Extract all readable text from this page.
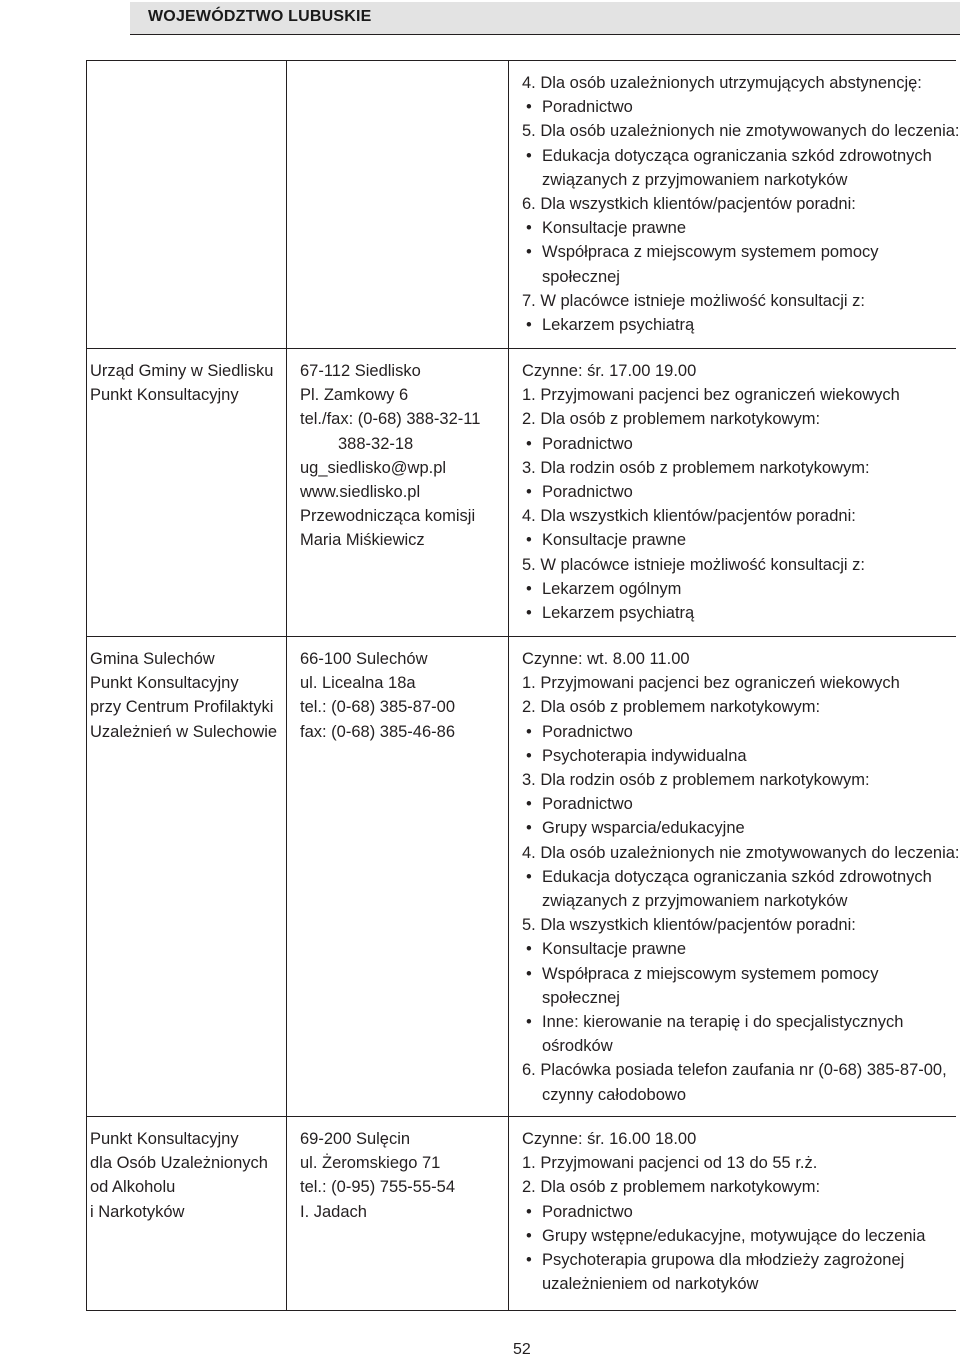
WOJEWÓDZTWO LUBUSKIE
4. Dla osób uzależnionych utrzymujących abstynencję:
• Poradnictwo
5. Dla osób uzależnionych nie zmotywowanych do leczenia:
• Edukacja dotycząca ograniczania szkód zdrowotnych
związanych z przyjmowaniem narkotyków
6. Dla wszystkich klientów/pacjentów poradni:
• Konsultacje prawne
• Współpraca z miejscowym systemem pomocy
społecznej
7. W placówce istnieje możliwość konsultacji z:
• Lekarzem psychiatrą
Urząd Gminy w Siedlisku
Punkt Konsultacyjny
67-112 Siedlisko
Pl. Zamkowy 6
tel./fax: (0-68) 388-32-11
388-32-18
ug_siedlisko@wp.pl
www.siedlisko.pl
Przewodnicząca komisji
Maria Miśkiewicz
Czynne: śr. 17.00 19.00
1. Przyjmowani pacjenci bez ograniczeń wiekowych
2. Dla osób z problemem narkotykowym:
• Poradnictwo
3. Dla rodzin osób z problemem narkotykowym:
• Poradnictwo
4. Dla wszystkich klientów/pacjentów poradni:
• Konsultacje prawne
5. W placówce istnieje możliwość konsultacji z:
• Lekarzem ogólnym
• Lekarzem psychiatrą
Gmina Sulechów
Punkt Konsultacyjny
przy Centrum Profilaktyki
Uzależnień w Sulechowie
66-100 Sulechów
ul. Licealna 18a
tel.: (0-68) 385-87-00
fax: (0-68) 385-46-86
Czynne: wt. 8.00 11.00
1. Przyjmowani pacjenci bez ograniczeń wiekowych
2. Dla osób z problemem narkotykowym:
• Poradnictwo
• Psychoterapia indywidualna
3. Dla rodzin osób z problemem narkotykowym:
• Poradnictwo
• Grupy wsparcia/edukacyjne
4. Dla osób uzależnionych nie zmotywowanych do leczenia:
• Edukacja dotycząca ograniczania szkód zdrowotnych
związanych z przyjmowaniem narkotyków
5. Dla wszystkich klientów/pacjentów poradni:
• Konsultacje prawne
• Współpraca z miejscowym systemem pomocy
społecznej
• Inne: kierowanie na terapię i do specjalistycznych
ośrodków
6. Placówka posiada telefon zaufania nr (0-68) 385-87-00,
czynny całodobowo
Punkt Konsultacyjny
dla Osób Uzależnionych
od Alkoholu
i Narkotyków
69-200 Sulęcin
ul. Żeromskiego 71
tel.: (0-95) 755-55-54
I. Jadach
Czynne: śr. 16.00 18.00
1. Przyjmowani pacjenci od 13 do 55 r.ż.
2. Dla osób z problemem narkotykowym:
• Poradnictwo
• Grupy wstępne/edukacyjne, motywujące do leczenia
• Psychoterapia grupowa dla młodzieży zagrożonej
uzależnieniem od narkotyków
52
